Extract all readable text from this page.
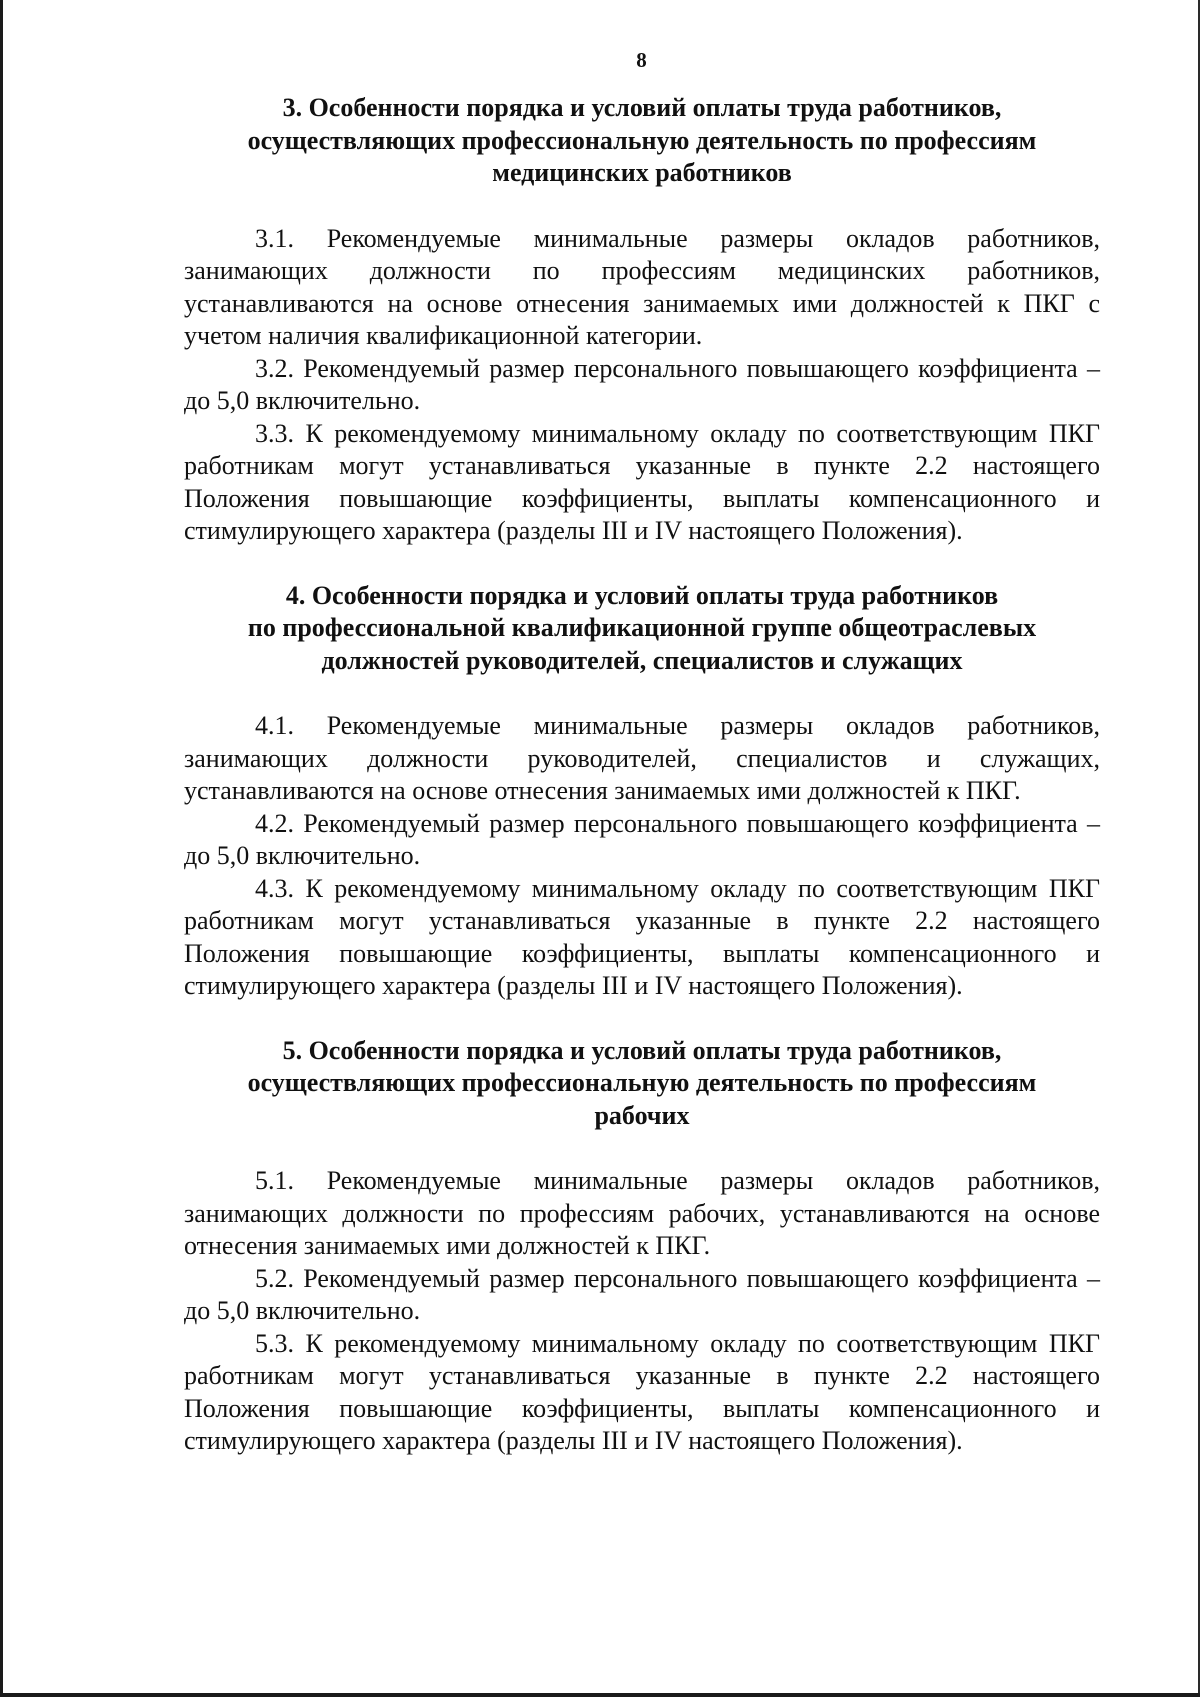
8
3. Особенности порядка и условий оплаты труда работников,
осуществляющих профессиональную деятельность по профессиям
медицинских работников

3.1. Рекомендуемые минимальные размеры окладов работников, занимающих должности по профессиям медицинских работников, устанавливаются на основе отнесения занимаемых ими должностей к ПКГ с учетом наличия квалификационной категории.

3.2. Рекомендуемый размер персонального повышающего коэффициента – до 5,0 включительно.

3.3. К рекомендуемому минимальному окладу по соответствующим ПКГ работникам могут устанавливаться указанные в пункте 2.2 настоящего Положения повышающие коэффициенты, выплаты компенсационного и стимулирующего характера (разделы III и IV настоящего Положения).

4. Особенности порядка и условий оплаты труда работников
по профессиональной квалификационной группе общеотраслевых
должностей руководителей, специалистов и служащих

4.1. Рекомендуемые минимальные размеры окладов работников, занимающих должности руководителей, специалистов и служащих, устанавливаются на основе отнесения занимаемых ими должностей к ПКГ.

4.2. Рекомендуемый размер персонального повышающего коэффициента – до 5,0 включительно.

4.3. К рекомендуемому минимальному окладу по соответствующим ПКГ работникам могут устанавливаться указанные в пункте 2.2 настоящего Положения повышающие коэффициенты, выплаты компенсационного и стимулирующего характера (разделы III и IV настоящего Положения).

5. Особенности порядка и условий оплаты труда работников,
осуществляющих профессиональную деятельность по профессиям
рабочих

5.1. Рекомендуемые минимальные размеры окладов работников, занимающих должности по профессиям рабочих, устанавливаются на основе отнесения занимаемых ими должностей к ПКГ.

5.2. Рекомендуемый размер персонального повышающего коэффициента – до 5,0 включительно.

5.3. К рекомендуемому минимальному окладу по соответствующим ПКГ работникам могут устанавливаться указанные в пункте 2.2 настоящего Положения повышающие коэффициенты, выплаты компенсационного и стимулирующего характера (разделы III и IV настоящего Положения).
